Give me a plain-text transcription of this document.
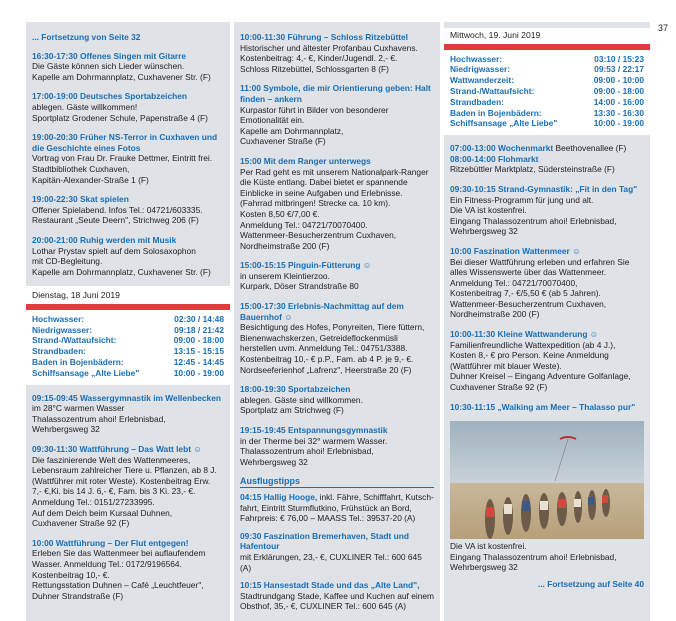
37
... Fortsetzung von Seite 32
16:30-17:30 Offenes Singen mit Gitarre
Die Gäste können sich Lieder wünschen.
Kapelle am Dohrmannplatz, Cuxhavener Str. (F)
17:00-19:00 Deutsches Sportabzeichen
ablegen. Gäste willkommen!
Sportplatz Grodener Schule, Papenstraße 4 (F)
19:00-20:30 Früher NS-Terror in Cuxhaven und die Geschichte eines Fotos
Vortrag von Frau Dr. Frauke Dettmer, Eintritt frei.
Stadtbibliothek Cuxhaven,
Kapitän-Alexander-Straße 1 (F)
19:00-22:30 Skat spielen
Offener Spielabend. Infos Tel.: 04721/603335.
Restaurant „Seute Deern", Strichweg 206 (F)
20:00-21:00 Ruhig werden mit Musik
Lothar Prystav spielt auf dem Solosaxophon
mit CD-Begleitung.
Kapelle am Dohrmannplatz, Cuxhavener Str. (F)
Dienstag, 18 Juni 2019
Hochwasser:	02:30 / 14:48
Niedrigwasser:	09:18 / 21:42
Strand-/Wattaufsicht:	09:00 - 18:00
Strandbaden:	13:15 - 15:15
Baden in Bojenbädern:	12:45 - 14:45
Schiffsansage „Alte Liebe"	10:00 - 19:00
09:15-09:45 Wassergymnastik im Wellenbecken
im 28°C warmen Wasser
Thalassozentrum ahoi! Erlebnisbad,
Wehrbergsweg 32
09:30-11:30 Wattführung – Das Watt lebt ☺
Die faszinierende Welt des Wattenmeeres,
Lebensraum zahlreicher Tiere u. Pflanzen, ab 8 J.
(Wattführer mit roter Weste). Kostenbeitrag Erw.
7,- €,Ki. bis 14 J. 6,- €, Fam. bis 3 Ki. 23,- €.
Anmeldung Tel.: 0151/27233995.
Auf dem Deich beim Kursaal Duhnen,
Cuxhavener Straße 92 (F)
10:00 Wattführung – Der Flut entgegen!
Erleben Sie das Wattenmeer bei auflaufendem
Wasser. Anmeldung Tel.: 0172/9196564.
Kostenbeitrag 10,- €.
Rettungsstation Duhnen – Café „Leuchtfeuer",
Duhner Strandstraße (F)
10:00-11:30 Führung – Schloss Ritzebüttel
Historischer und ältester Profanbau Cuxhavens.
Kostenbeitrag: 4,- €, Kinder/Jugendl. 2,- €.
Schloss Ritzebüttel, Schlossgarten 8 (F)
11:00 Symbole, die mir Orientierung geben: Halt finden – ankern
Kurpastor führt in Bilder von besonderer
Emotionalität ein.
Kapelle am Dohrmannplatz,
Cuxhavener Straße (F)
15:00 Mit dem Ranger unterwegs
Per Rad geht es mit unserem Nationalpark-Ranger
die Küste entlang. Dabei bietet er spannende
Einblicke in seine Aufgaben und Erlebnisse.
(Fahrrad mitbringen! Strecke ca. 10 km).
Kosten 8,50 €/7,00 €.
Anmeldung Tel.: 04721/70070400.
Wattenmeer-Besucherzentrum Cuxhaven,
Nordheimstraße 200 (F)
15:00-15:15 Pinguin-Fütterung ☺
in unserem Kleintierzoo.
Kurpark, Döser Strandstraße 80
15:00-17:30 Erlebnis-Nachmittag auf dem Bauernhof ☺
Besichtigung des Hofes, Ponyreiten, Tiere füttern,
Bienenwachskerzen, Getreideflockenmüsli
herstellen uvm. Anmeldung Tel.: 04751/3388.
Kostenbeitrag 10,- € p.P., Fam. ab 4 P. je 9,- €.
Nordseeferienhof „Lafrenz", Heerstraße 20 (F)
18:00-19:30 Sportabzeichen
ablegen. Gäste sind willkommen.
Sportplatz am Strichweg (F)
19:15-19:45 Entspannungsgymnastik
in der Therme bei 32° warmem Wasser.
Thalassozentrum ahoi! Erlebnisbad,
Wehrbergsweg 32
Ausflugstipps
04:15 Hallig Hooge, inkl. Fähre, Schifffahrt, Kutsch-
fahrt, Eintritt Sturmflutkino, Frühstück an Bord,
Fahrpreis: € 76,00 – MAASS Tel.: 39537-20 (A)
09:30 Faszination Bremerhaven, Stadt und Hafentour
mit Erklärungen, 23,- €, CUXLINER Tel.: 600 645 (A)
10:15 Hansestadt Stade und das „Alte Land",
Stadtrundgang Stade, Kaffee und Kuchen auf einem
Obsthof, 35,- €, CUXLINER Tel.: 600 645 (A)
Mittwoch, 19. Juni 2019
Hochwasser:	03:10 / 15:23
Niedrigwasser:	09:53 / 22:17
Wattwanderzeit:	09:00 - 10:00
Strand-/Wattaufsicht:	09:00 - 18:00
Strandbaden:	14:00 - 16:00
Baden in Bojenbädern:	13:30 - 16:30
Schiffsansage „Alte Liebe"	10:00 - 19:00
07:00-13:00 Wochenmarkt Beethovenallee (F)
08:00-14:00 Flohmarkt
Ritzebüttler Marktplatz, Südersteinstraße (F)
09:30-10:15 Strand-Gymnastik: „Fit in den Tag"
Ein Fitness-Programm für jung und alt.
Die VA ist kostenfrei.
Eingang Thalassozentrum ahoi! Erlebnisbad,
Wehrbergsweg 32
10:00 Faszination Wattenmeer ☺
Bei dieser Wattführung erleben und erfahren Sie
alles Wissenswerte über das Wattenmeer.
Anmeldung Tel.: 04721/70070400,
Kostenbeitrag 7,- €/5,50 € (ab 5 Jahren).
Wattenmeer-Besucherzentrum Cuxhaven,
Nordheimstraße 200 (F)
10:00-11:30 Kleine Wattwanderung ☺
Familienfreundliche Wattexpedition (ab 4 J.),
Kosten 8,- € pro Person. Keine Anmeldung
(Wattführer mit blauer Weste).
Duhner Kreisel – Eingang Adventure Golfanlage,
Cuxhavener Straße 92 (F)
10:30-11:15 „Walking am Meer – Thalasso pur"
Die VA ist kostenfrei.
Eingang Thalassozentrum ahoi! Erlebnisbad,
Wehrbergsweg 32
... Fortsetzung auf Seite 40
